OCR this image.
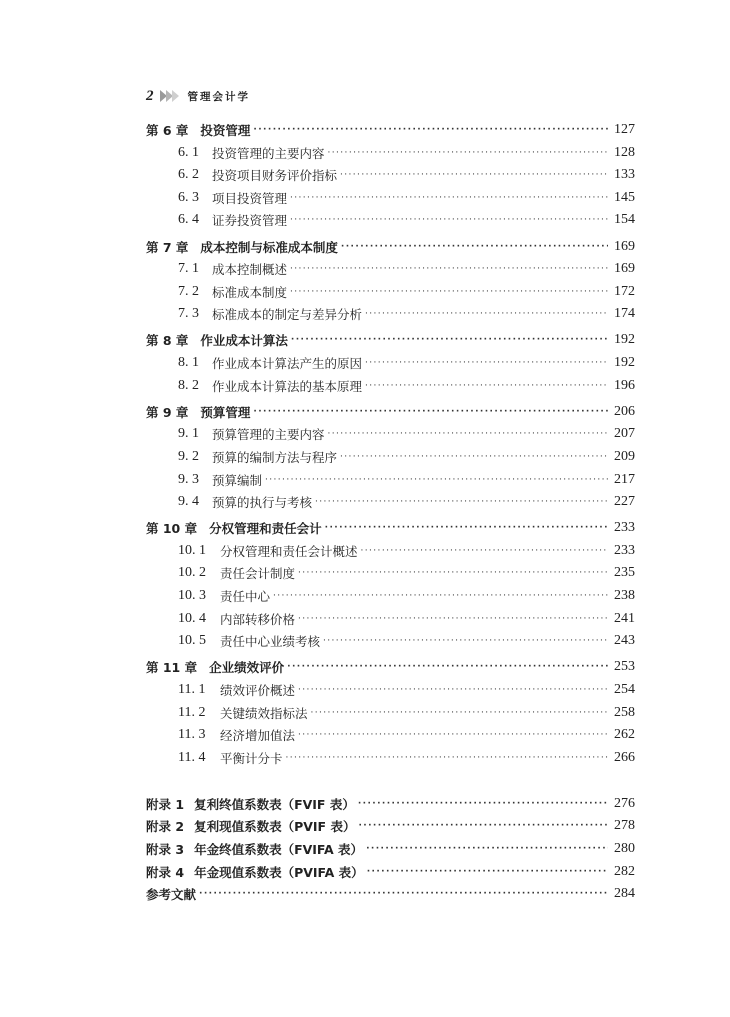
2	管理会计学
第 6 章 投资管理 ·····	127
6. 1	投资管理的主要内容 ·····	128
6. 2	投资项目财务评价指标 ·····	133
6. 3	项目投资管理 ·····	145
6. 4	证券投资管理 ·····	154
第 7 章 成本控制与标准成本制度 ·····	169
7. 1	成本控制概述 ·····	169
7. 2	标准成本制度 ·····	172
7. 3	标准成本的制定与差异分析 ·····	174
第 8 章 作业成本计算法 ·····	192
8. 1	作业成本计算法产生的原因 ·····	192
8. 2	作业成本计算法的基本原理 ·····	196
第 9 章 预算管理 ·····	206
9. 1	预算管理的主要内容 ·····	207
9. 2	预算的编制方法与程序 ·····	209
9. 3	预算编制 ·····	217
9. 4	预算的执行与考核 ·····	227
第 10 章 分权管理和责任会计 ·····	233
10. 1	分权管理和责任会计概述 ·····	233
10. 2	责任会计制度 ·····	235
10. 3	责任中心 ·····	238
10. 4	内部转移价格 ·····	241
10. 5	责任中心业绩考核 ·····	243
第 11 章 企业绩效评价 ·····	253
11. 1	绩效评价概述 ·····	254
11. 2	关键绩效指标法 ·····	258
11. 3	经济增加值法 ·····	262
11. 4	平衡计分卡 ·····	266
附录 1 复利终值系数表（FVIF 表） ·····	276
附录 2 复利现值系数表（PVIF 表） ·····	278
附录 3 年金终值系数表（FVIFA 表） ·····	280
附录 4 年金现值系数表（PVIFA 表） ·····	282
参考文献 ·····	284
